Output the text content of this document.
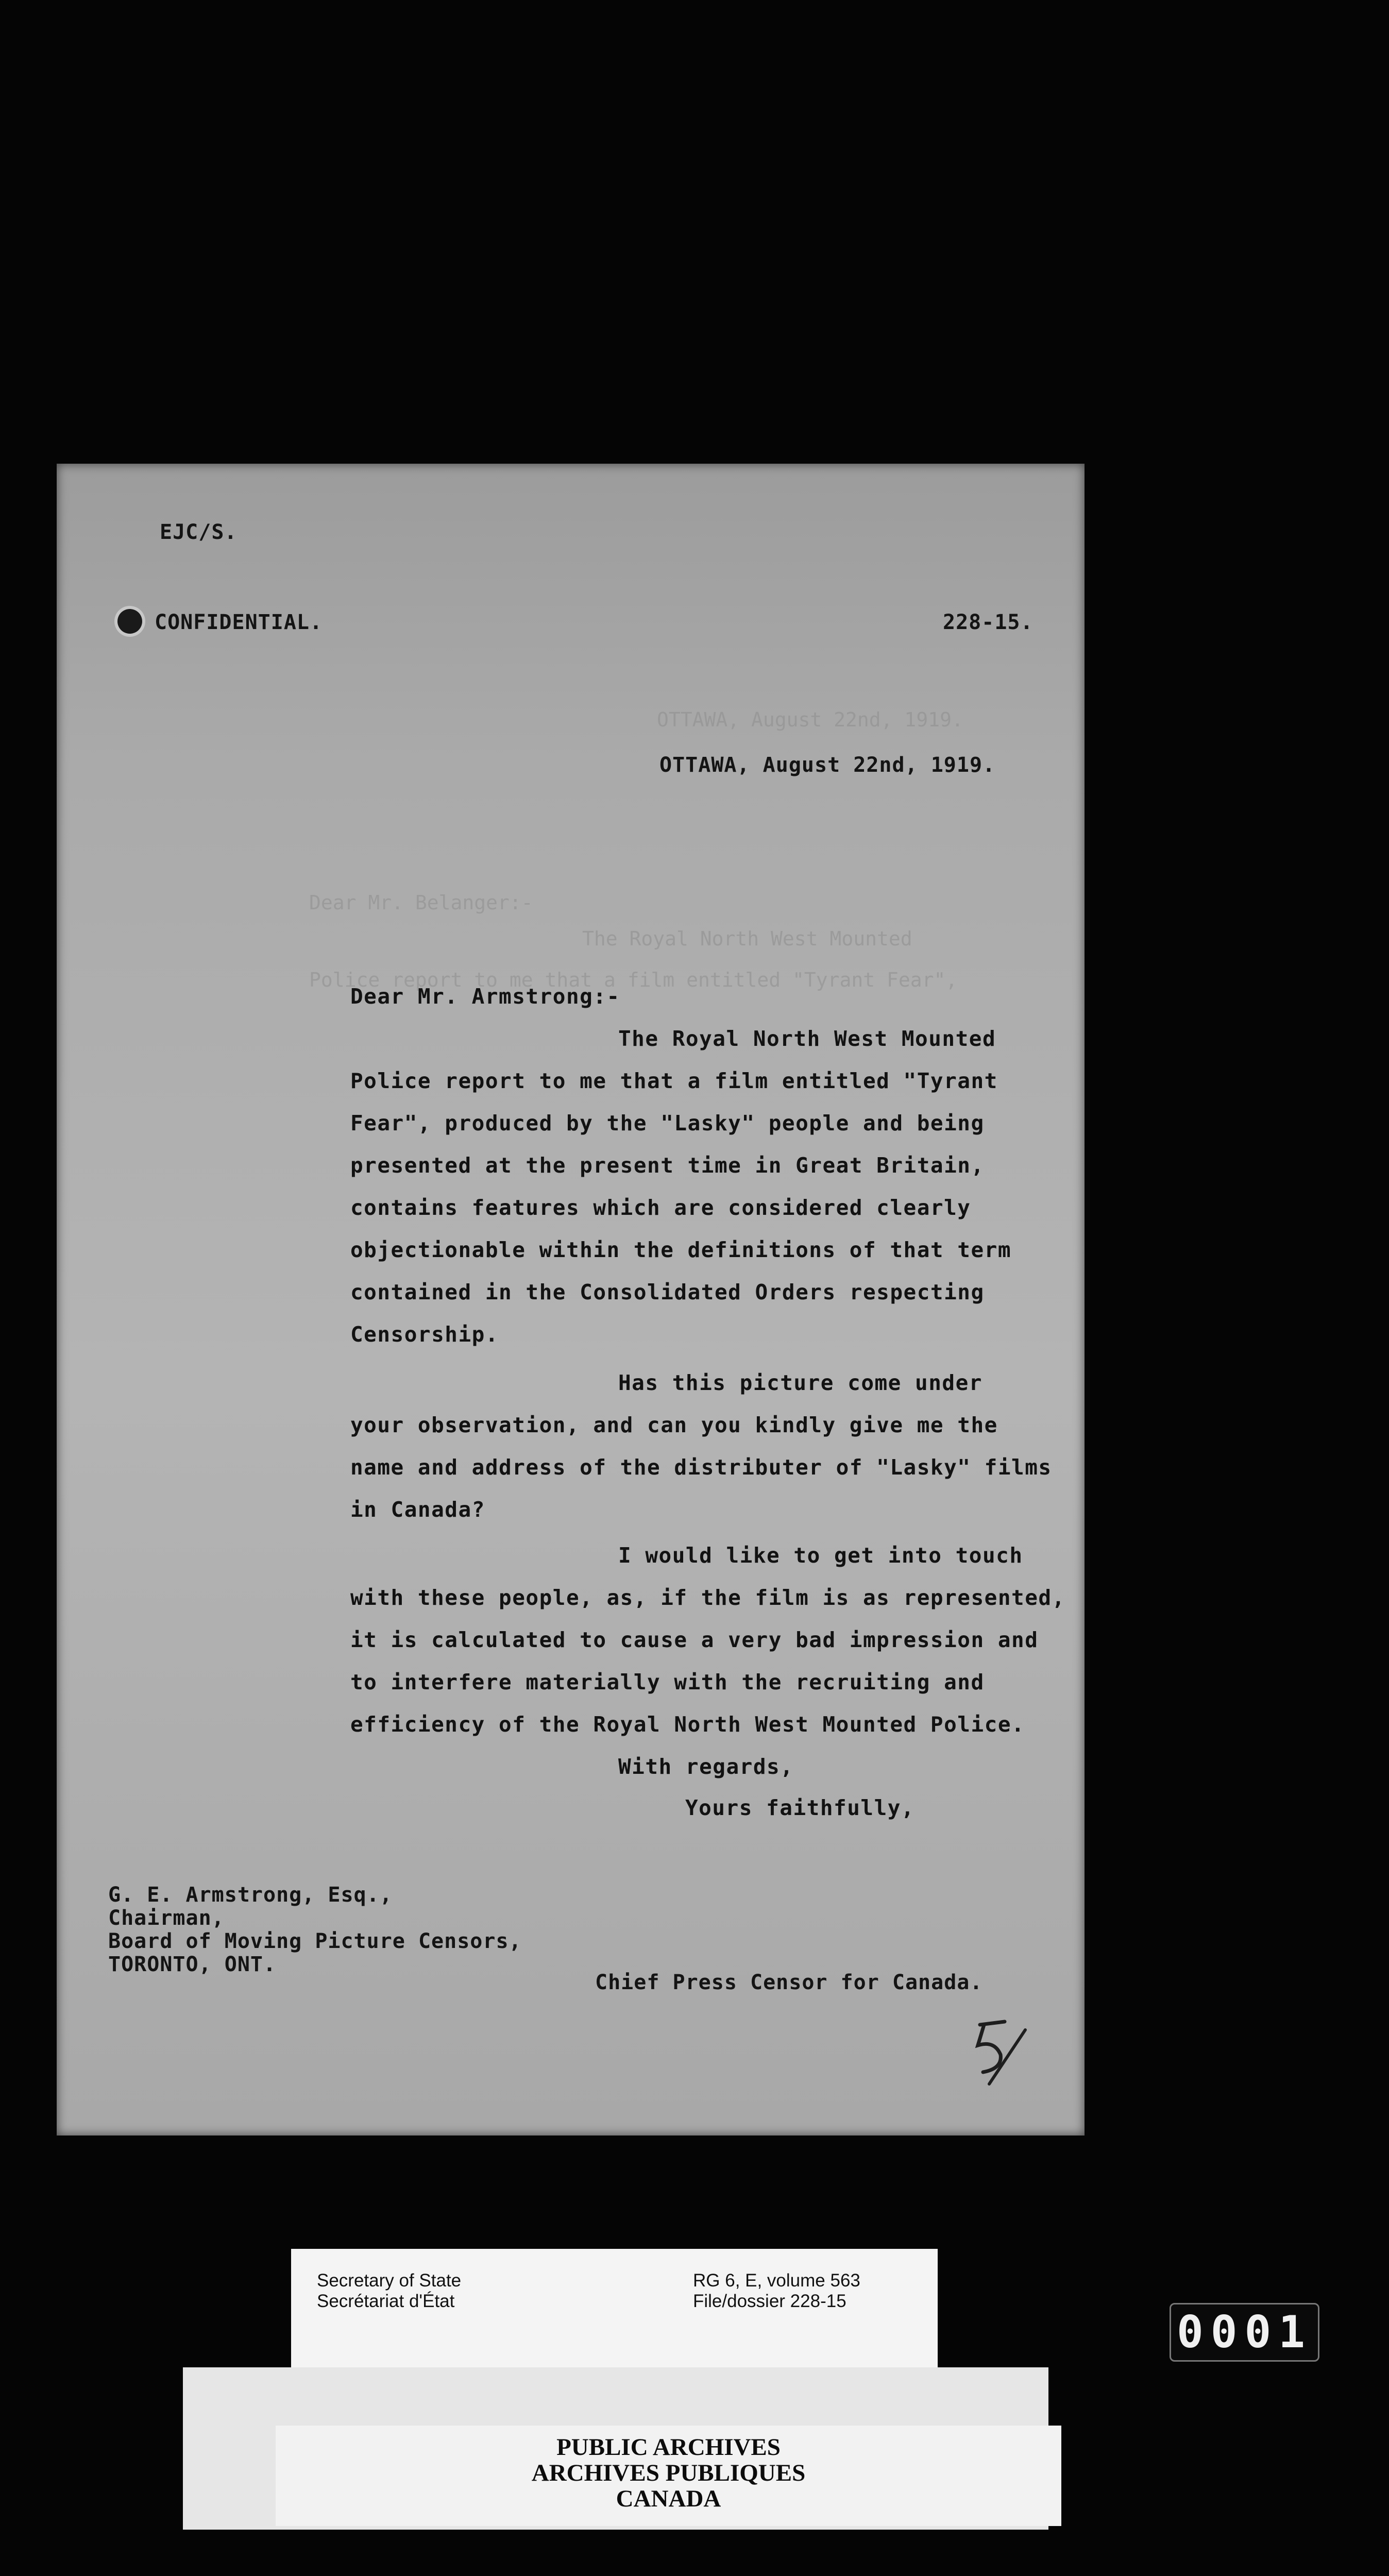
OTTAWA, August 22nd, 1919.
Dear Mr. Belanger:-
The Royal North West Mounted
Police report to me that a film entitled "Tyrant Fear",
EJC/S.
CONFIDENTIAL.	228-15.
OTTAWA, August 22nd, 1919.
Dear Mr. Armstrong:-
The Royal North West Mounted
Police report to me that a film entitled "Tyrant
Fear", produced by the "Lasky" people and being
presented at the present time in Great Britain,
contains features which are considered clearly
objectionable within the definitions of that term
contained in the Consolidated Orders respecting
Censorship.
Has this picture come under
your observation, and can you kindly give me the
name and address of the distributer of "Lasky" films
in Canada?
I would like to get into touch
with these people, as, if the film is as represented,
it is calculated to cause a very bad impression and
to interfere materially with the recruiting and
efficiency of the Royal North West Mounted Police.
With regards,
Yours faithfully,
G. E. Armstrong, Esq.,
Chairman,
Board of Moving Picture Censors,
TORONTO, ONT.
Chief Press Censor for Canada.
5
Secretary of State
Secrétariat d'État
RG 6, E, volume 563
File/dossier 228-15
PUBLIC ARCHIVES
ARCHIVES PUBLIQUES
CANADA
0001
